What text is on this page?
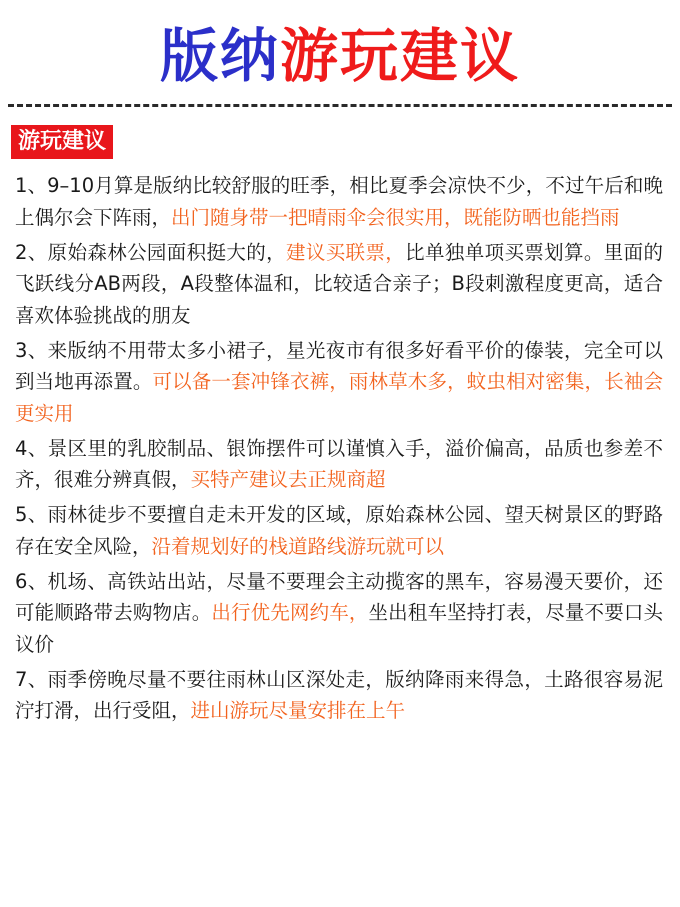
版纳游玩建议
游玩建议

1、9–10月算是版纳比较舒服的旺季，相比夏季会凉快不少，不过午后和晚上偶尔会下阵雨，出门随身带一把晴雨伞会很实用，既能防晒也能挡雨

2、原始森林公园面积挺大的，建议买联票，比单独单项买票划算。里面的飞跃线分AB两段，A段整体温和，比较适合亲子；B段刺激程度更高，适合喜欢体验挑战的朋友

3、来版纳不用带太多小裙子，星光夜市有很多好看平价的傣装，完全可以到当地再添置。可以备一套冲锋衣裤，雨林草木多，蚊虫相对密集，长袖会更实用

4、景区里的乳胶制品、银饰摆件可以谨慎入手，溢价偏高，品质也参差不齐，很难分辨真假，买特产建议去正规商超

5、雨林徒步不要擅自走未开发的区域，原始森林公园、望天树景区的野路存在安全风险，沿着规划好的栈道路线游玩就可以

6、机场、高铁站出站，尽量不要理会主动揽客的黑车，容易漫天要价，还可能顺路带去购物店。出行优先网约车，坐出租车坚持打表，尽量不要口头议价

7、雨季傍晚尽量不要往雨林山区深处走，版纳降雨来得急，土路很容易泥泞打滑，出行受阻，进山游玩尽量安排在上午
